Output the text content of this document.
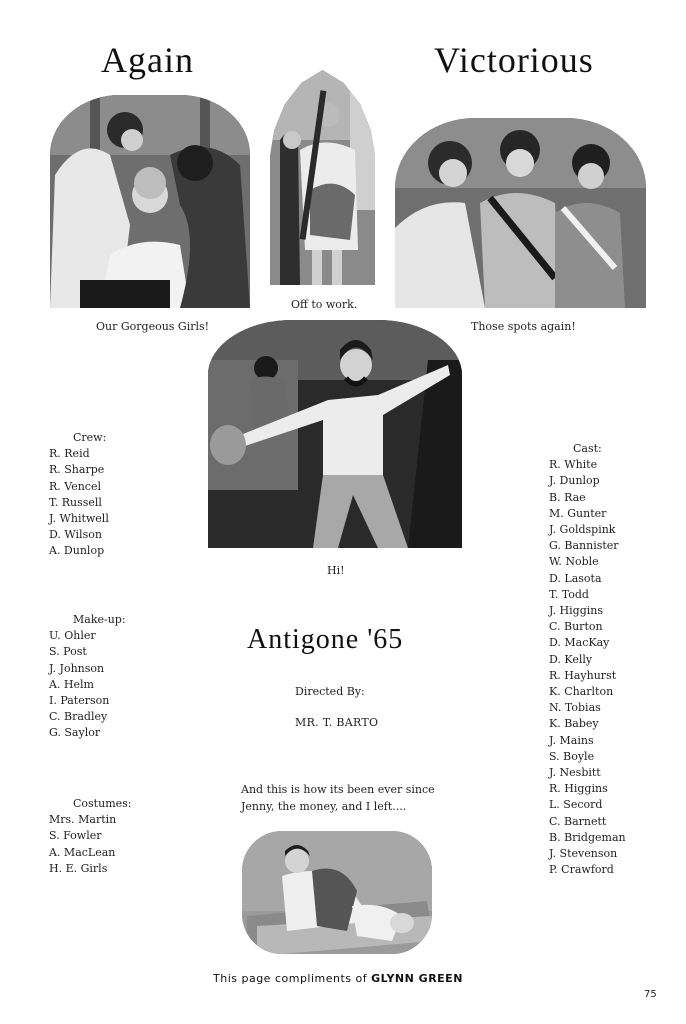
Again	Victorious
Our Gorgeous Girls!
Off to work.
Those spots again!
Hi!
Crew:
R. Reid
R. Sharpe
R. Vencel
T. Russell
J. Whitwell
D. Wilson
A. Dunlop
Make-up:
U. Ohler
S. Post
J. Johnson
A. Helm
I. Paterson
C. Bradley
G. Saylor
Costumes:
Mrs. Martin
S. Fowler
A. MacLean
H. E. Girls
Cast:
R. White
J. Dunlop
B. Rae
M. Gunter
J. Goldspink
G. Bannister
W. Noble
D. Lasota
T. Todd
J. Higgins
C. Burton
D. MacKay
D. Kelly
R. Hayhurst
K. Charlton
N. Tobias
K. Babey
J. Mains
S. Boyle
J. Nesbitt
R. Higgins
L. Secord
C. Barnett
B. Bridgeman
J. Stevenson
P. Crawford
Antigone '65
Directed By:
MR. T. BARTO
And this is how its been ever since
Jenny, the money, and I left....
This page compliments of GLYNN GREEN
75
